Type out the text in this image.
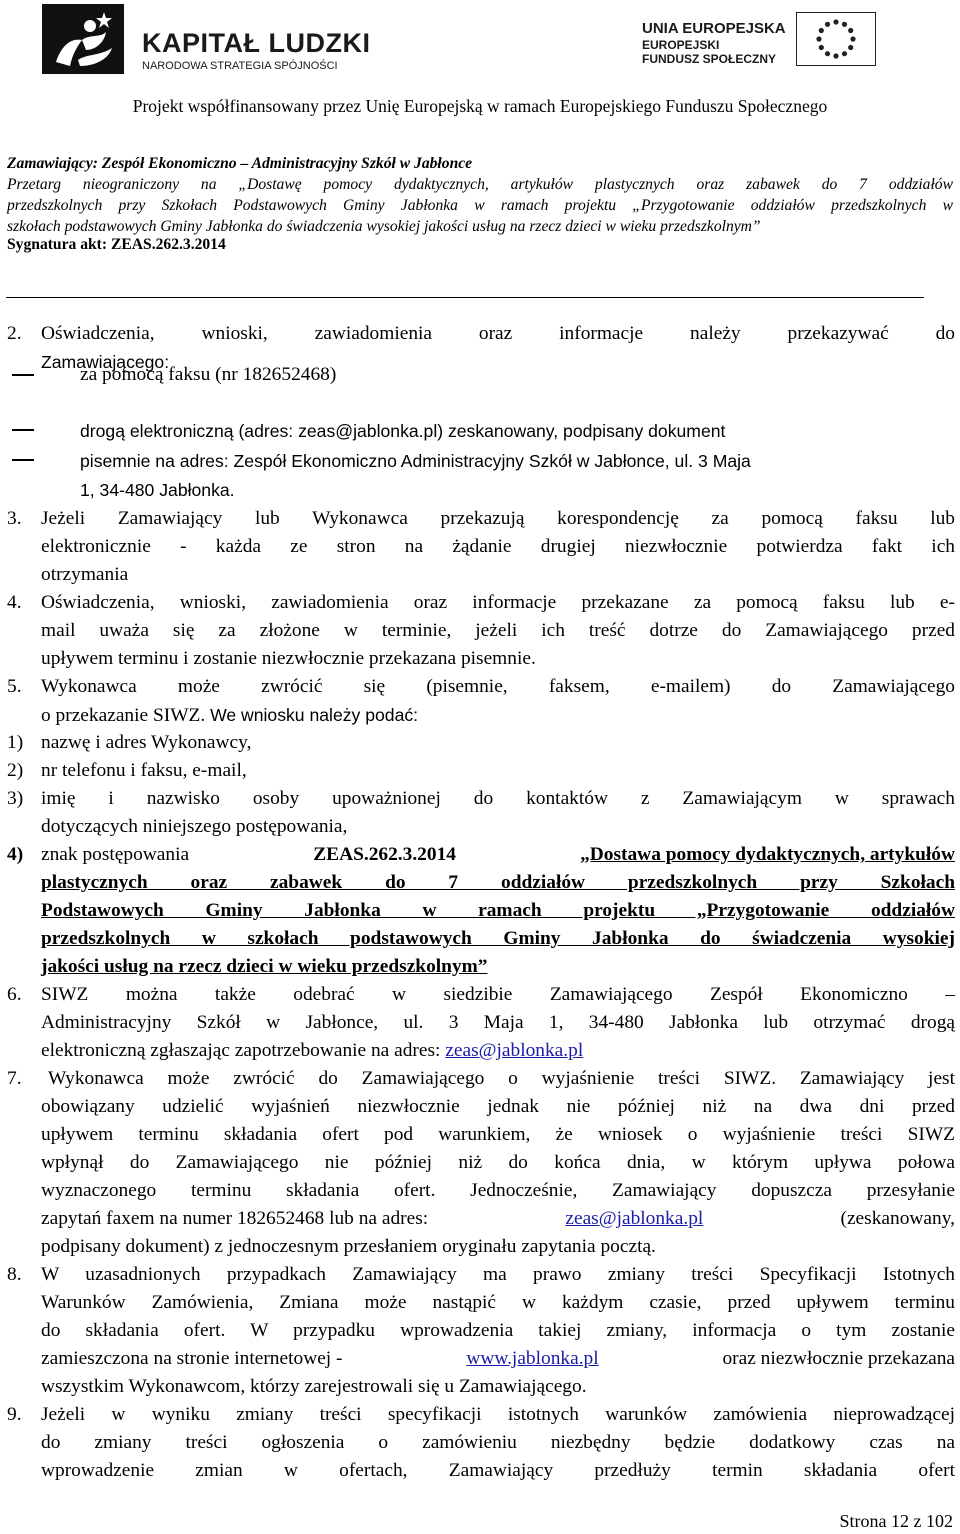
KAPITAŁ LUDZKI
NARODOWA STRATEGIA SPÓJNOŚCI
UNIA EUROPEJSKA
EUROPEJSKI
FUNDUSZ SPOŁECZNY
Projekt współfinansowany przez Unię Europejską w ramach Europejskiego Funduszu Społecznego
Zamawiający: Zespół Ekonomiczno – Administracyjny Szkół w Jabłonce
Przetarg nieograniczony na „Dostawę pomocy dydaktycznych, artykułów plastycznych oraz zabawek do 7 oddziałów
przedszkolnych przy Szkołach Podstawowych Gminy Jabłonka w ramach projektu „Przygotowanie oddziałów przedszkolnych w
szkołach podstawowych Gminy Jabłonka do świadczenia wysokiej jakości usług na rzecz dzieci w wieku przedszkolnym”
Sygnatura akt: ZEAS.262.3.2014
2. Oświadczenia, wnioski, zawiadomienia oraz informacje należy przekazywać do
Zamawiającego:
za pomocą faksu (nr 182652468)
drogą elektroniczną (adres: zeas@jablonka.pl) zeskanowany, podpisany dokument
pisemnie na adres: Zespół Ekonomiczno Administracyjny Szkół w Jabłonce, ul. 3 Maja
1, 34-480 Jabłonka.
3. Jeżeli Zamawiający lub Wykonawca przekazują korespondencję za pomocą faksu lub
elektronicznie - każda ze stron na żądanie drugiej niezwłocznie potwierdza fakt ich
otrzymania
4. Oświadczenia, wnioski, zawiadomienia oraz informacje przekazane za pomocą faksu lub e-
mail uważa się za złożone w terminie, jeżeli ich treść dotrze do Zamawiającego przed
upływem terminu i zostanie niezwłocznie przekazana pisemnie.
5. Wykonawca może zwrócić się (pisemnie, faksem, e-mailem) do Zamawiającego
o przekazanie SIWZ. We wniosku należy podać:
1) nazwę i adres Wykonawcy,
2) nr telefonu i faksu, e-mail,
3) imię i nazwisko osoby upoważnionej do kontaktów z Zamawiającym w sprawach
dotyczących niniejszego postępowania,
4) znak postępowania	ZEAS.262.3.2014	„Dostawa pomocy dydaktycznych, artykułów
plastycznych oraz zabawek do 7 oddziałów przedszkolnych przy Szkołach
Podstawowych Gminy Jabłonka w ramach projektu „Przygotowanie oddziałów
przedszkolnych w szkołach podstawowych Gminy Jabłonka do świadczenia wysokiej
jakości usług na rzecz dzieci w wieku przedszkolnym”
6. SIWZ można także odebrać w siedzibie Zamawiającego Zespół Ekonomiczno –
Administracyjny Szkół w Jabłonce, ul. 3 Maja 1, 34-480 Jabłonka lub otrzymać drogą
elektroniczną zgłaszając zapotrzebowanie na adres: zeas@jablonka.pl
7. Wykonawca może zwrócić do Zamawiającego o wyjaśnienie treści SIWZ. Zamawiający jest
obowiązany udzielić wyjaśnień niezwłocznie jednak nie później niż na dwa dni przed
upływem terminu składania ofert pod warunkiem, że wniosek o wyjaśnienie treści SIWZ
wpłynął do Zamawiającego nie później niż do końca dnia, w którym upływa połowa
wyznaczonego terminu składania ofert. Jednocześnie, Zamawiający dopuszcza przesyłanie
zapytań faxem na numer 182652468 lub na adres:	zeas@jablonka.pl	(zeskanowany,
podpisany dokument) z jednoczesnym przesłaniem oryginału zapytania pocztą.
8. W uzasadnionych przypadkach Zamawiający ma prawo zmiany treści Specyfikacji Istotnych
Warunków Zamówienia, Zmiana może nastąpić w każdym czasie, przed upływem terminu
do składania ofert. W przypadku wprowadzenia takiej zmiany, informacja o tym zostanie
zamieszczona na stronie internetowej -	www.jablonka.pl	oraz niezwłocznie przekazana
wszystkim Wykonawcom, którzy zarejestrowali się u Zamawiającego.
9. Jeżeli w wyniku zmiany treści specyfikacji istotnych warunków zamówienia nieprowadzącej
do zmiany treści ogłoszenia o zamówieniu niezbędny będzie dodatkowy czas na
wprowadzenie zmian w ofertach, Zamawiający przedłuży termin składania ofert
Strona 12 z 102
